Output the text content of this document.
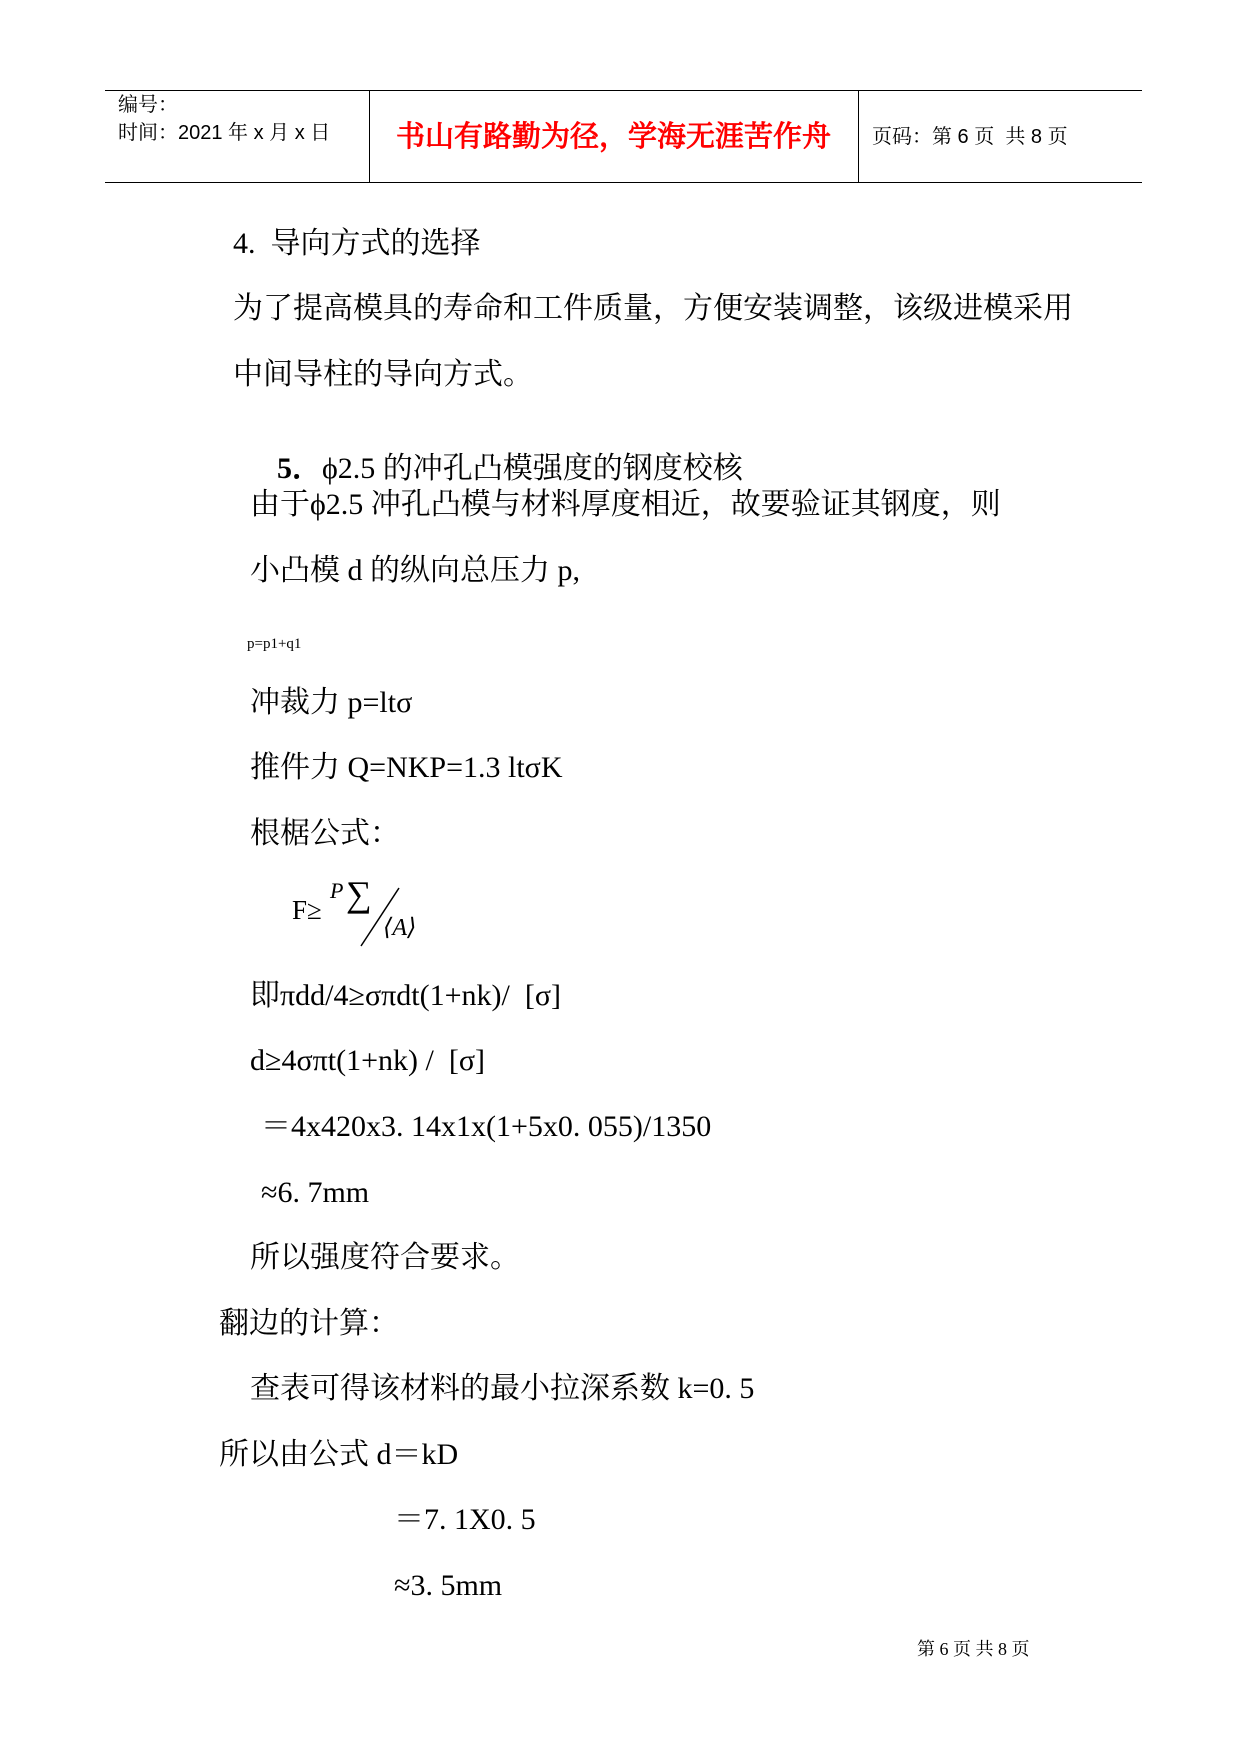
编号：
时间：2021 年 x 月 x 日	书山有路勤为径，学海无涯苦作舟	页码：第 6 页  共 8 页
4.  导向方式的选择
为了提高模具的寿命和工件质量，方便安装调整，该级进模采用
中间导柱的导向方式。

5．ϕ2.5 的冲孔凸模强度的钢度校核

由于ϕ2.5 冲孔凸模与材料厚度相近，故要验证其钢度，则
小凸模 d 的纵向总压力 p,
p=p1+q1
冲裁力 p=ltσ
推件力 Q=NKP=1.3 ltσK
根椐公式：
F≥
P ∑
⟨A⟩
即πdd/4≥σπdt(1+nk)/  [σ]
d≥4σπt(1+nk) /  [σ]
＝4x420x3. 14x1x(1+5x0. 055)/1350
≈6. 7mm
所以强度符合要求。
翻边的计算：
查表可得该材料的最小拉深系数 k=0. 5
所以由公式 d＝kD
＝7. 1X0. 5
≈3. 5mm
第 6 页 共 8 页
